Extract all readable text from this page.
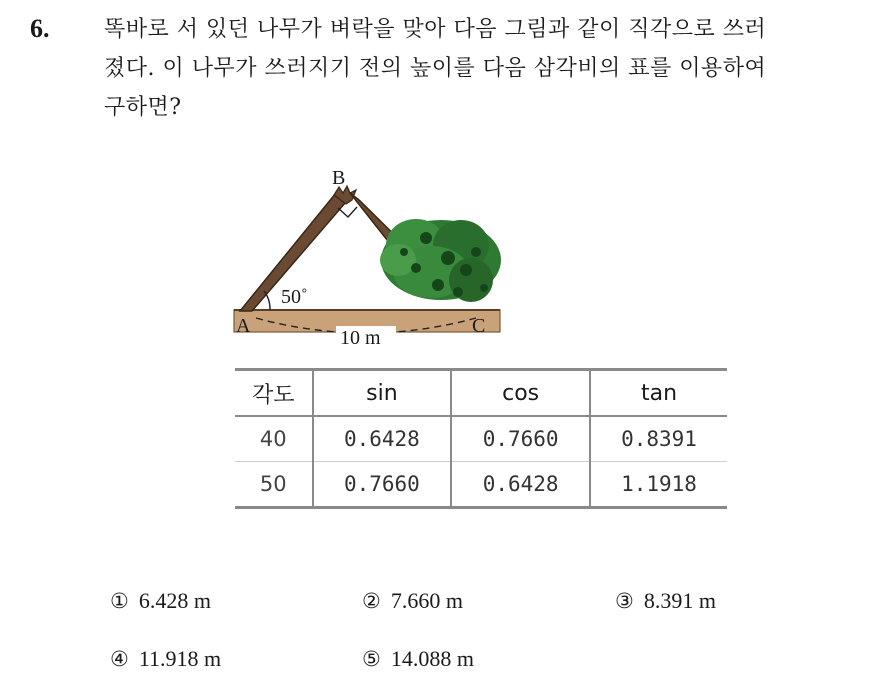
6. 똑바로 서 있던 나무가 벼락을 맞아 다음 그림과 같이 직각으로 쓰러
졌다. 이 나무가 쓰러지기 전의 높이를 다음 삼각비의 표를 이용하여
구하면?
A
B
C
50˚
10 m
각도	sin	cos	tan
40	0.6428	0.7660	0.8391
50	0.7660	0.6428	1.1918
① 6.428 m	② 7.660 m	③ 8.391 m
④ 11.918 m	⑤ 14.088 m
